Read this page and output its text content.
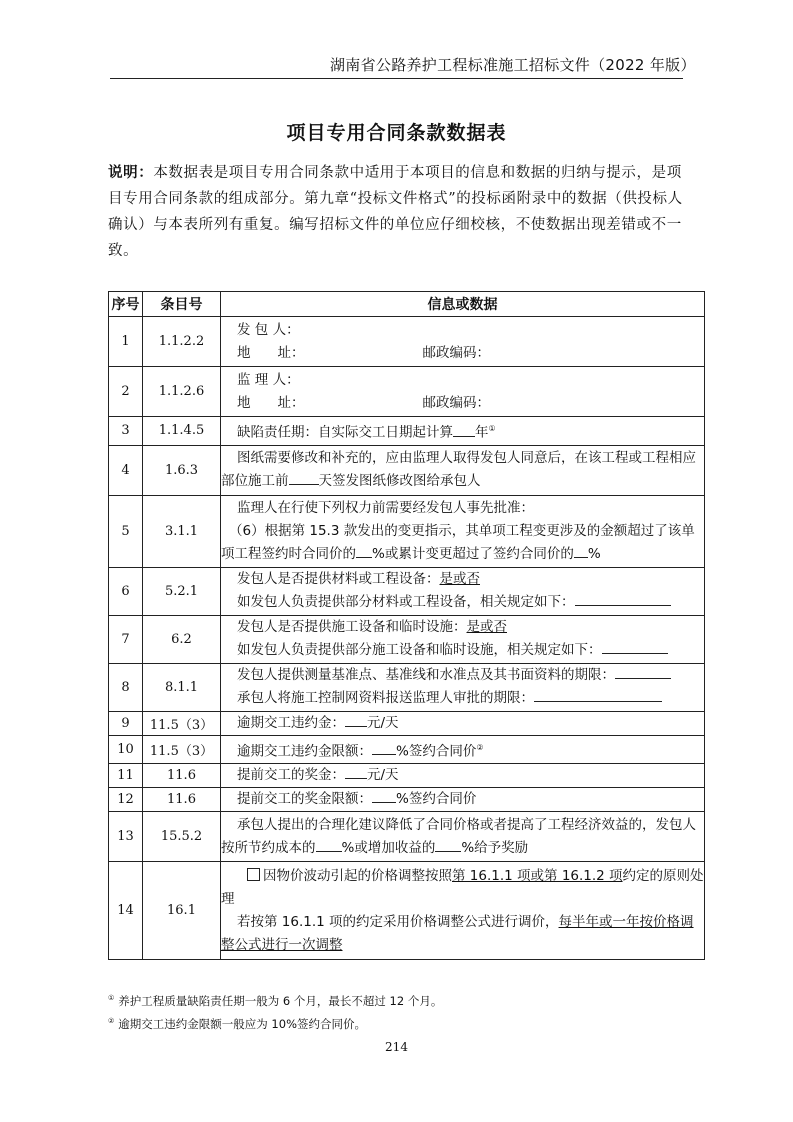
湖南省公路养护工程标准施工招标文件（2022 年版）
项目专用合同条款数据表
说明：本数据表是项目专用合同条款中适用于本项目的信息和数据的归纳与提示，是项目专用合同条款的组成部分。第九章“投标文件格式”的投标函附录中的数据（供投标人确认）与本表所列有重复。编写招标文件的单位应仔细校核，不使数据出现差错或不一致。
序号	条目号	信息或数据
1	1.1.2.2	发 包 人：
地　　址： 邮政编码：

2	1.1.2.6	监 理 人：
地　　址： 邮政编码：

3	1.1.4.5	缺陷责任期：自实际交工日期起计算 年①

4	1.6.3	图纸需要修改和补充的，应由监理人取得发包人同意后，在该工程或工程相应部位施工前 天签发图纸修改图给承包人

5	3.1.1	监理人在行使下列权力前需要经发包人事先批准：
（6）根据第 15.3 款发出的变更指示，其单项工程变更涉及的金额超过了该单项工程签约时合同价的 %或累计变更超过了签约合同价的 %

6	5.2.1	发包人是否提供材料或工程设备：是或否
如发包人负责提供部分材料或工程设备，相关规定如下：

7	6.2	发包人是否提供施工设备和临时设施：是或否
如发包人负责提供部分施工设备和临时设施，相关规定如下：

8	8.1.1	发包人提供测量基准点、基准线和水准点及其书面资料的期限：
承包人将施工控制网资料报送监理人审批的期限：

9	11.5（3）	逾期交工违约金： 元/天

10	11.5（3）	逾期交工违约金限额： %签约合同价②

11	11.6	提前交工的奖金： 元/天

12	11.6	提前交工的奖金限额： %签约合同价

13	15.5.2	承包人提出的合理化建议降低了合同价格或者提高了工程经济效益的，发包人按所节约成本的 %或增加收益的 %给予奖励

14	16.1	因物价波动引起的价格调整按照第 16.1.1 项或第 16.1.2 项约定的原则处理
若按第 16.1.1 项的约定采用价格调整公式进行调价，每半年或一年按价格调整公式进行一次调整
① 养护工程质量缺陷责任期一般为 6 个月，最长不超过 12 个月。
② 逾期交工违约金限额一般应为 10%签约合同价。
214
